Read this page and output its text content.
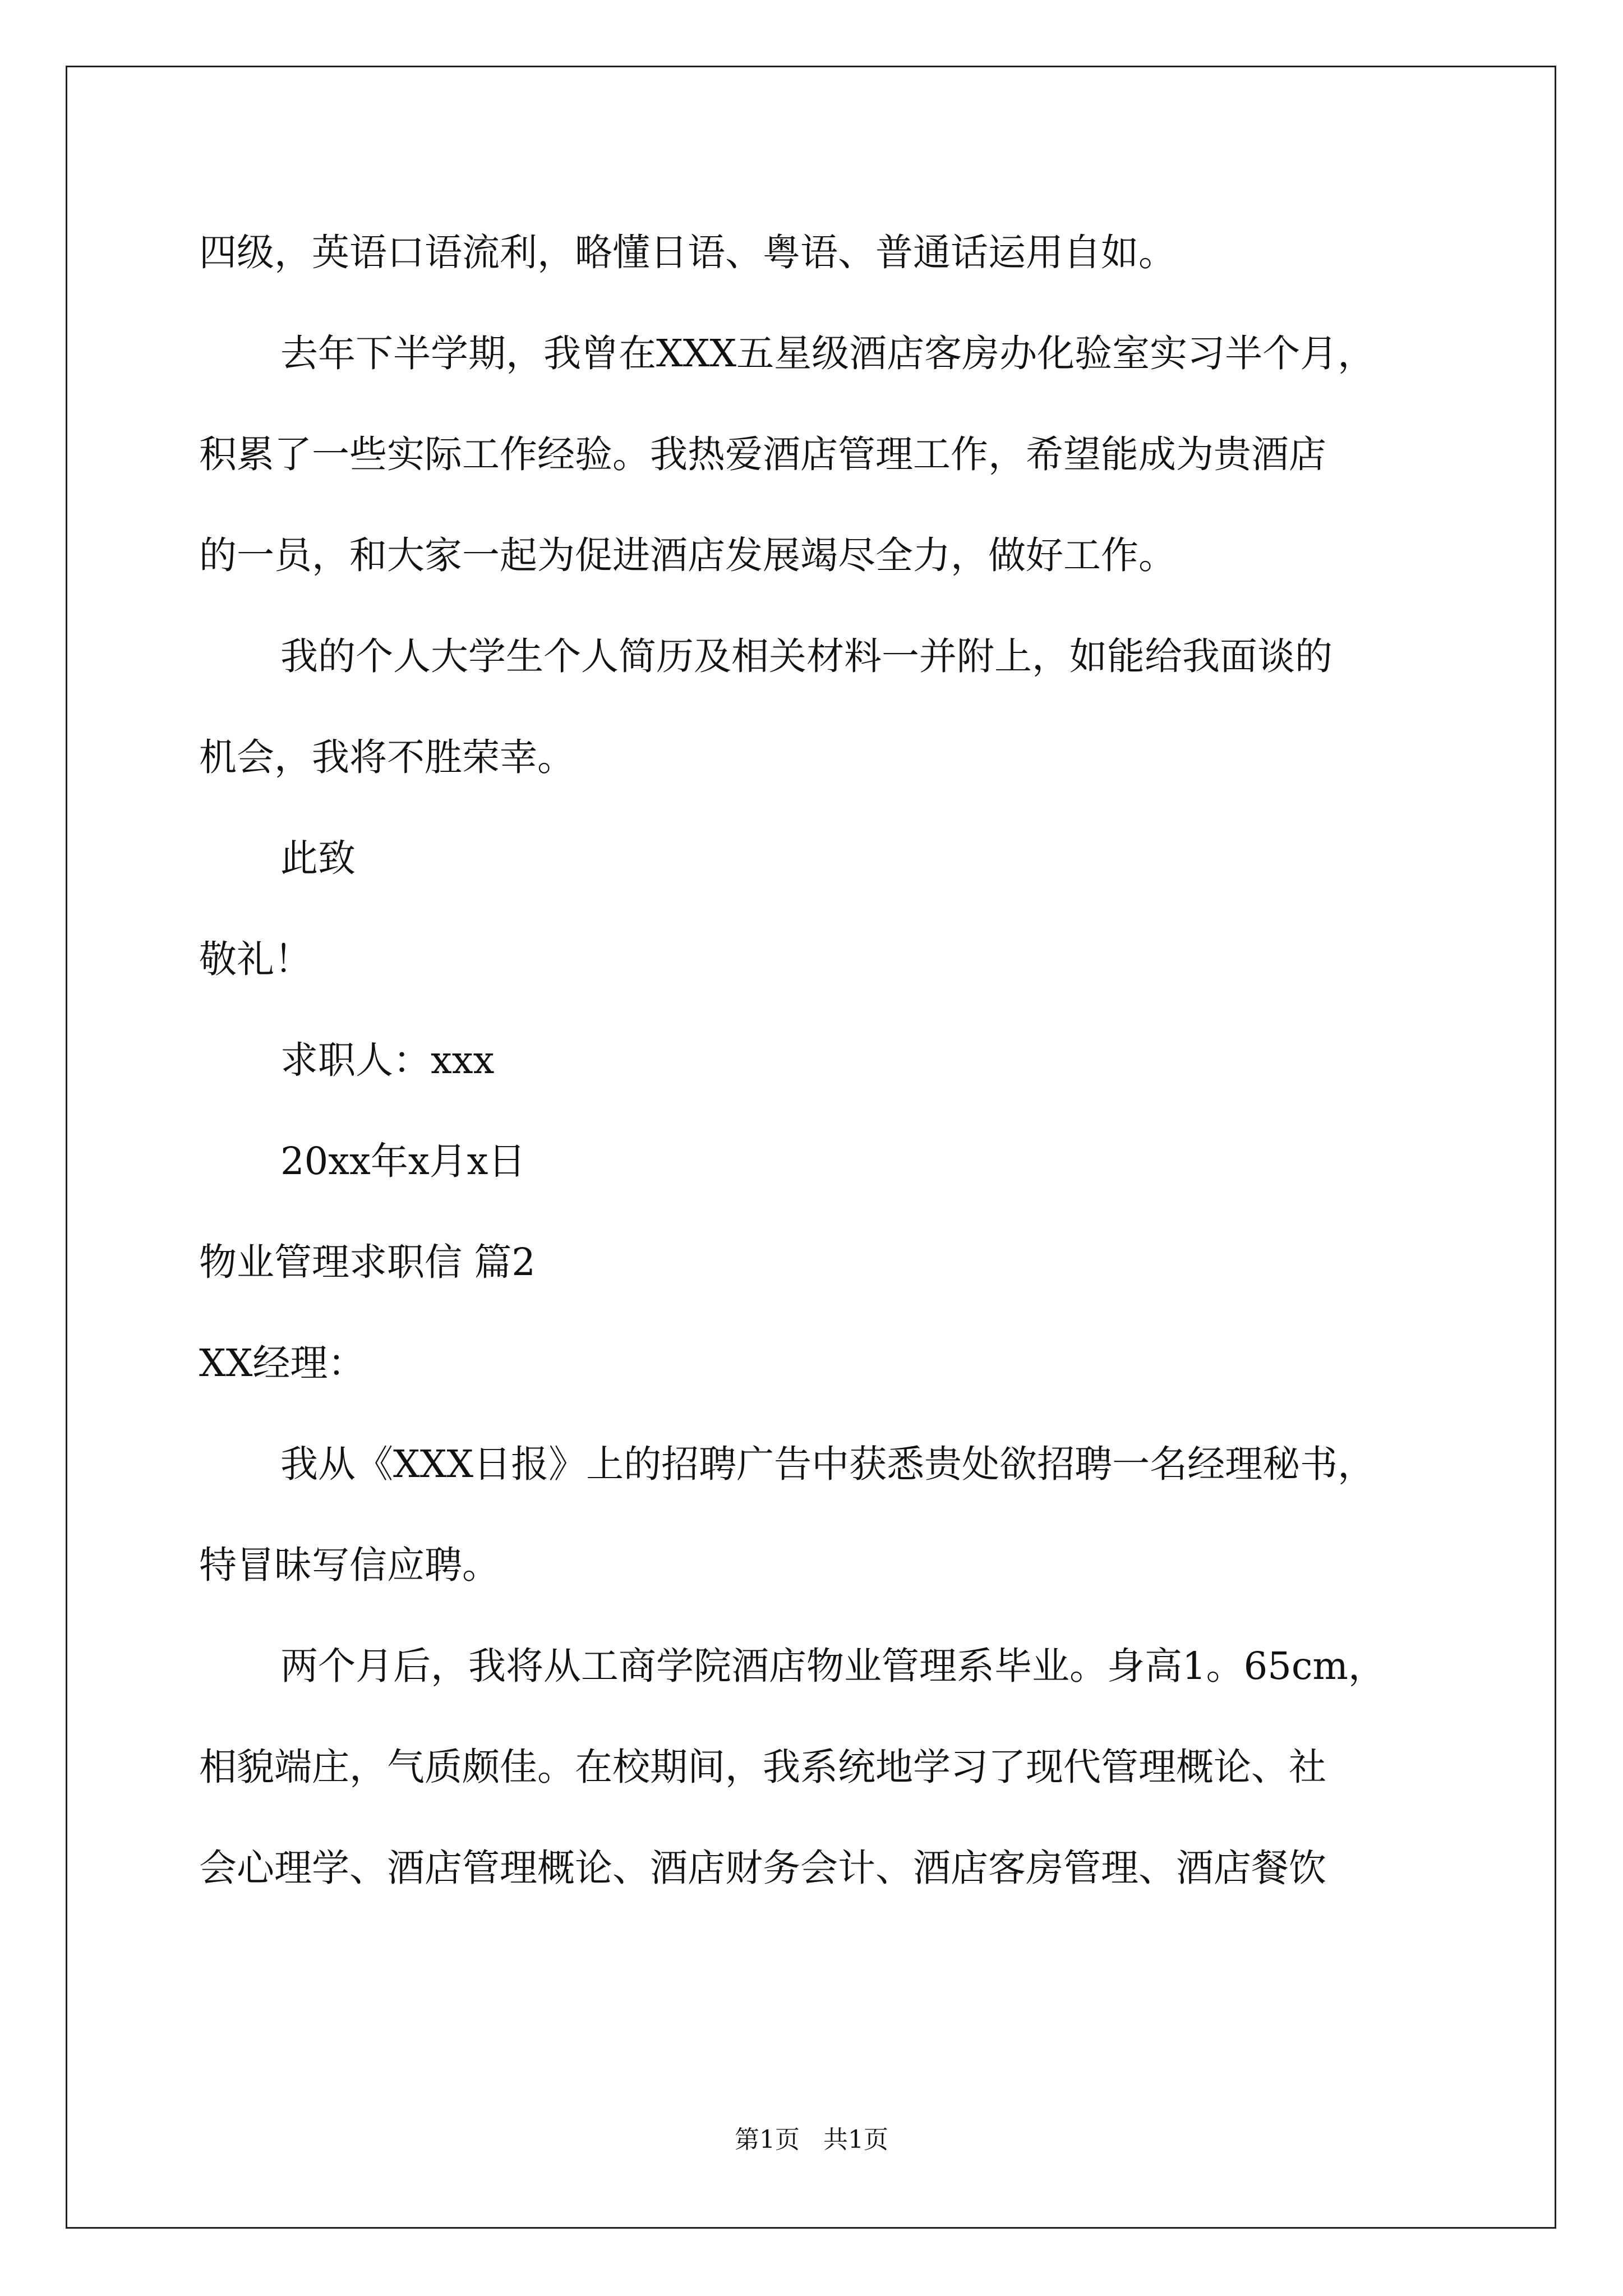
四级，英语口语流利，略懂日语、粤语、普通话运用自如。
去年下半学期，我曾在XXX五星级酒店客房办化验室实习半个月，
积累了一些实际工作经验。我热爱酒店管理工作，希望能成为贵酒店
的一员，和大家一起为促进酒店发展竭尽全力，做好工作。
我的个人大学生个人简历及相关材料一并附上，如能给我面谈的
机会，我将不胜荣幸。
此致
敬礼！
求职人：xxx
20xx年x月x日
物业管理求职信 篇2
XX经理：
我从《XXX日报》上的招聘广告中获悉贵处欲招聘一名经理秘书，
特冒昧写信应聘。
两个月后，我将从工商学院酒店物业管理系毕业。身高1。65cm，
相貌端庄，气质颇佳。在校期间，我系统地学习了现代管理概论、社
会心理学、酒店管理概论、酒店财务会计、酒店客房管理、酒店餐饮
第1页   共1页
